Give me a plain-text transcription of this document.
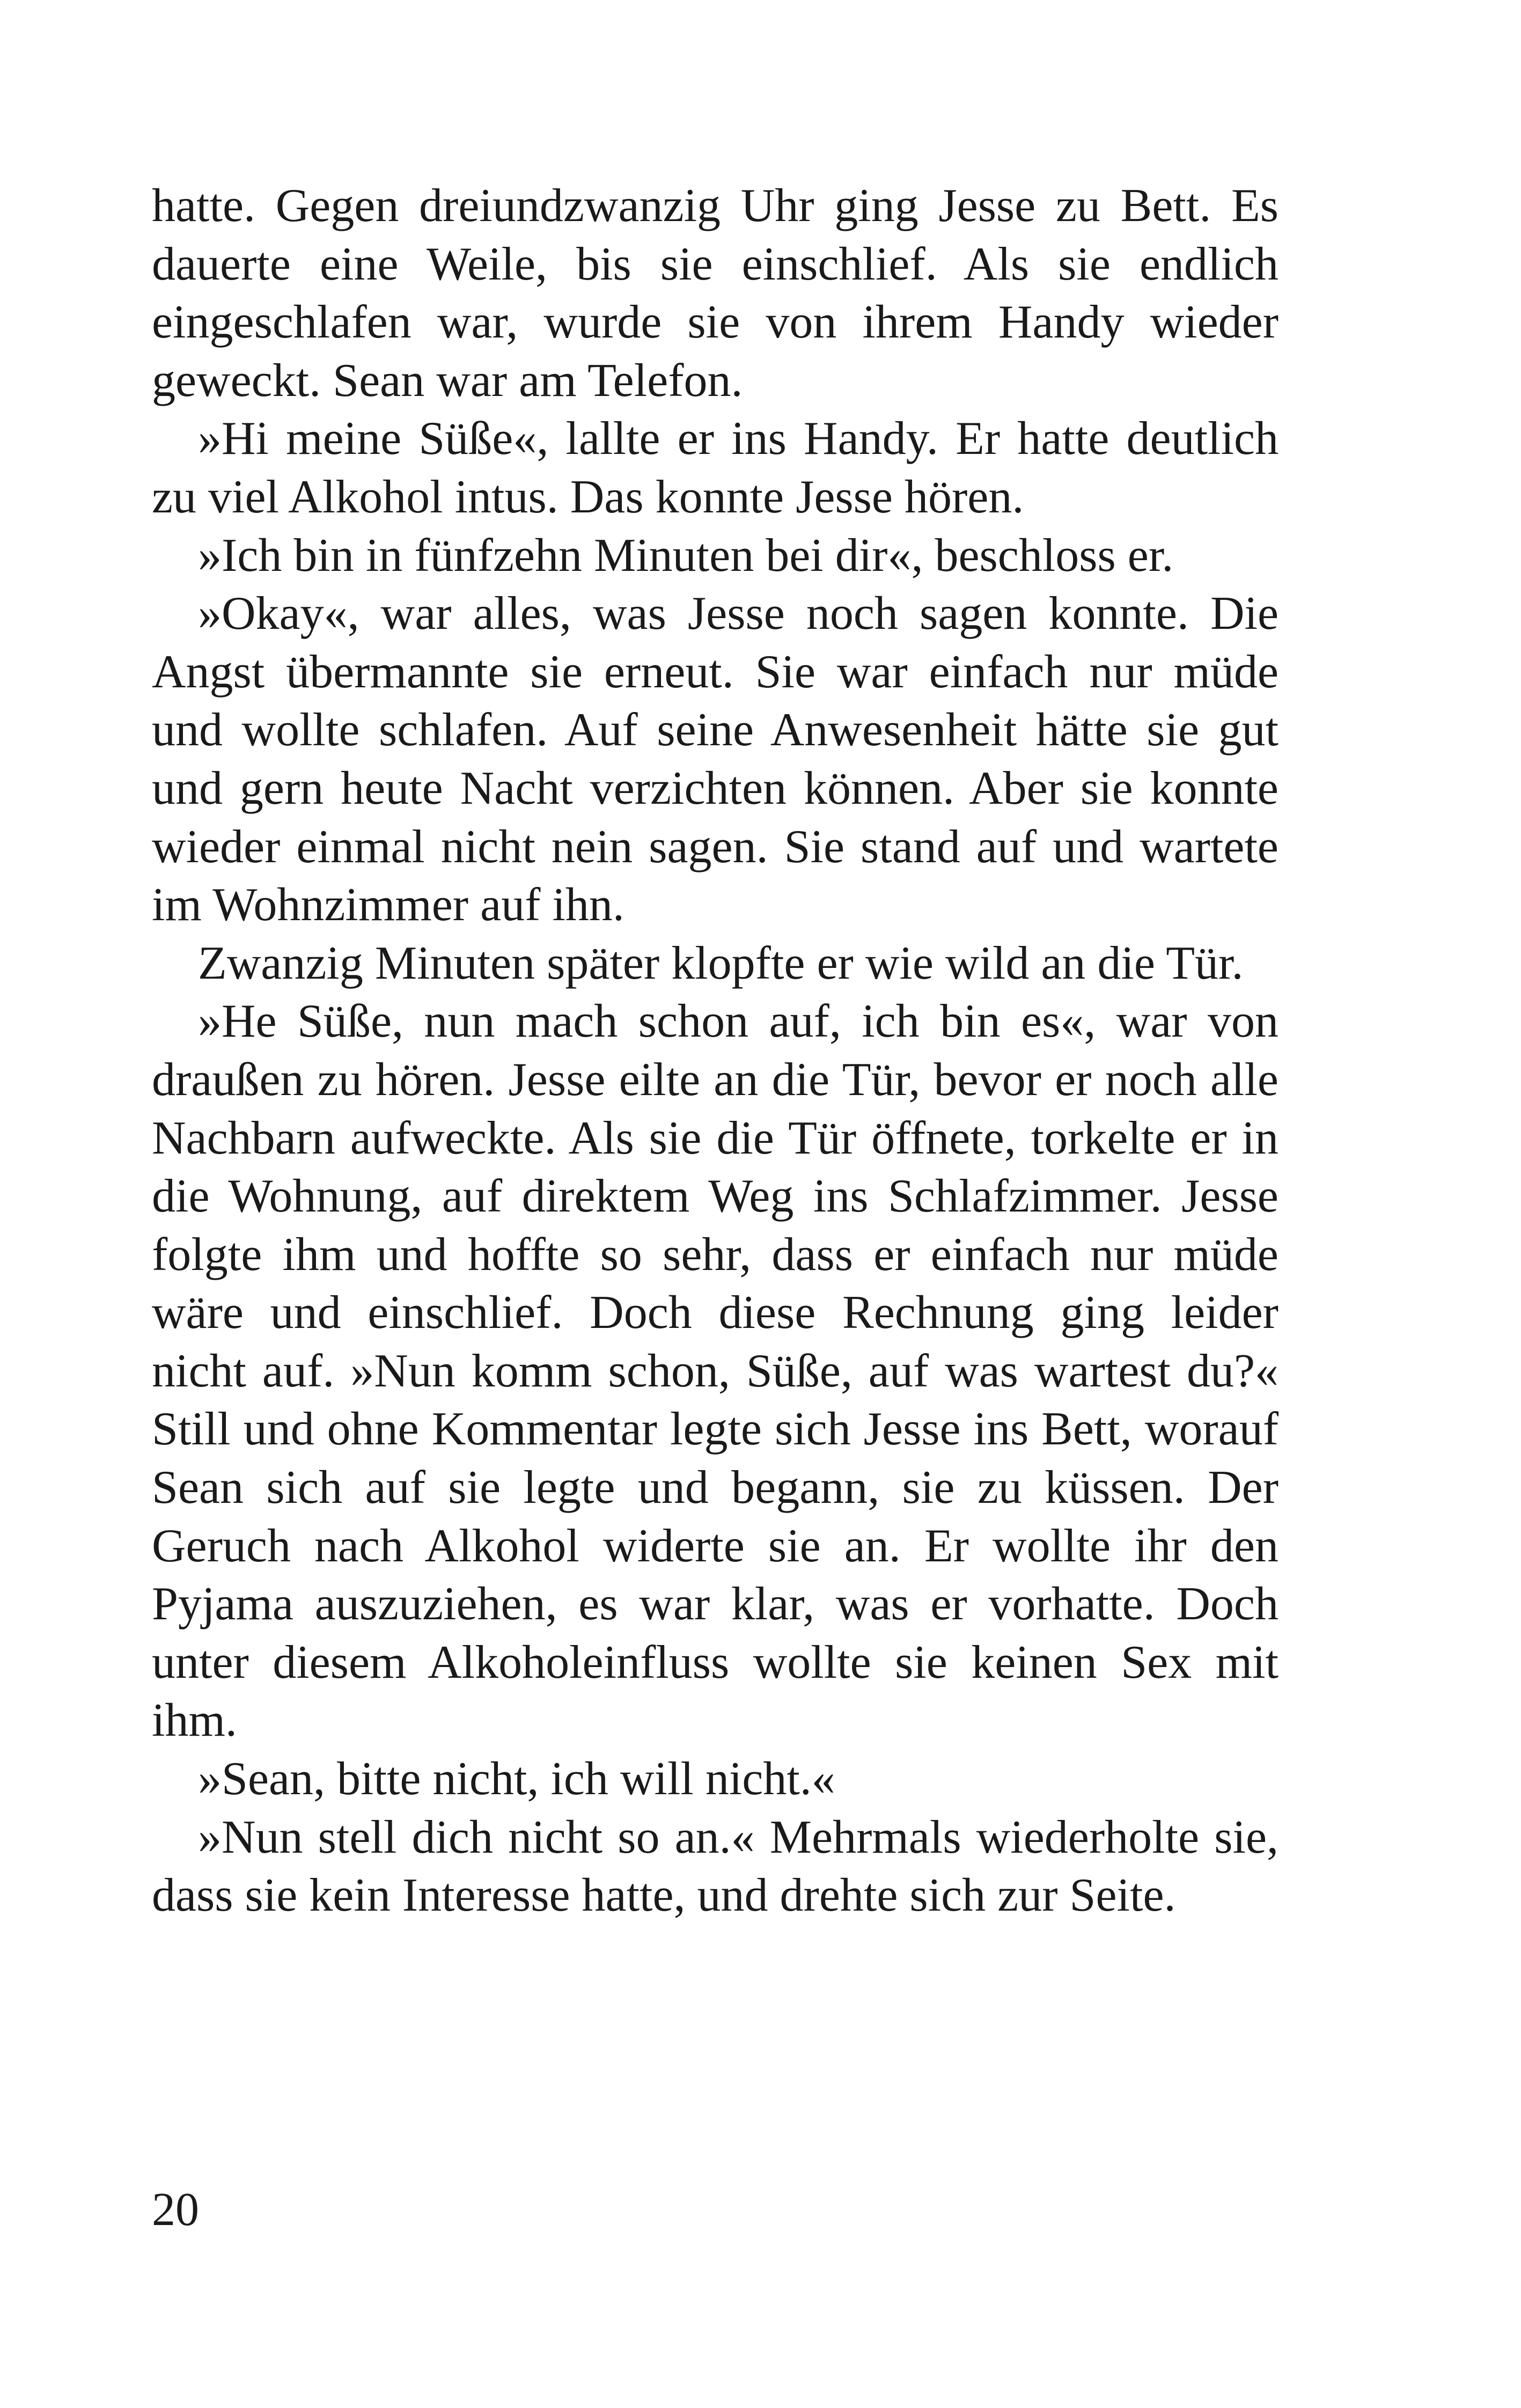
hatte. Gegen dreiundzwanzig Uhr ging Jesse zu Bett. Es dauerte eine Weile, bis sie einschlief. Als sie endlich eingeschlafen war, wurde sie von ihrem Handy wieder geweckt. Sean war am Telefon.

»Hi meine Süße«, lallte er ins Handy. Er hatte deutlich zu viel Alkohol intus. Das konnte Jesse hören.

»Ich bin in fünfzehn Minuten bei dir«, beschloss er.

»Okay«, war alles, was Jesse noch sagen konnte. Die Angst übermannte sie erneut. Sie war einfach nur müde und wollte schlafen. Auf seine Anwesenheit hätte sie gut und gern heute Nacht verzichten können. Aber sie konnte wieder einmal nicht nein sagen. Sie stand auf und wartete im Wohnzimmer auf ihn.

Zwanzig Minuten später klopfte er wie wild an die Tür.

»He Süße, nun mach schon auf, ich bin es«, war von draußen zu hören. Jesse eilte an die Tür, bevor er noch alle Nachbarn aufweckte. Als sie die Tür öffnete, torkelte er in die Wohnung, auf direktem Weg ins Schlafzimmer. Jesse folgte ihm und hoffte so sehr, dass er einfach nur müde wäre und einschlief. Doch diese Rechnung ging leider nicht auf. »Nun komm schon, Süße, auf was wartest du?« Still und ohne Kommentar legte sich Jesse ins Bett, worauf Sean sich auf sie legte und begann, sie zu küssen. Der Geruch nach Alkohol widerte sie an. Er wollte ihr den Pyjama auszuziehen, es war klar, was er vorhatte. Doch unter diesem Alkoholeinfluss wollte sie keinen Sex mit ihm.

»Sean, bitte nicht, ich will nicht.«

»Nun stell dich nicht so an.« Mehrmals wiederholte sie, dass sie kein Interesse hatte, und drehte sich zur Seite.

20
